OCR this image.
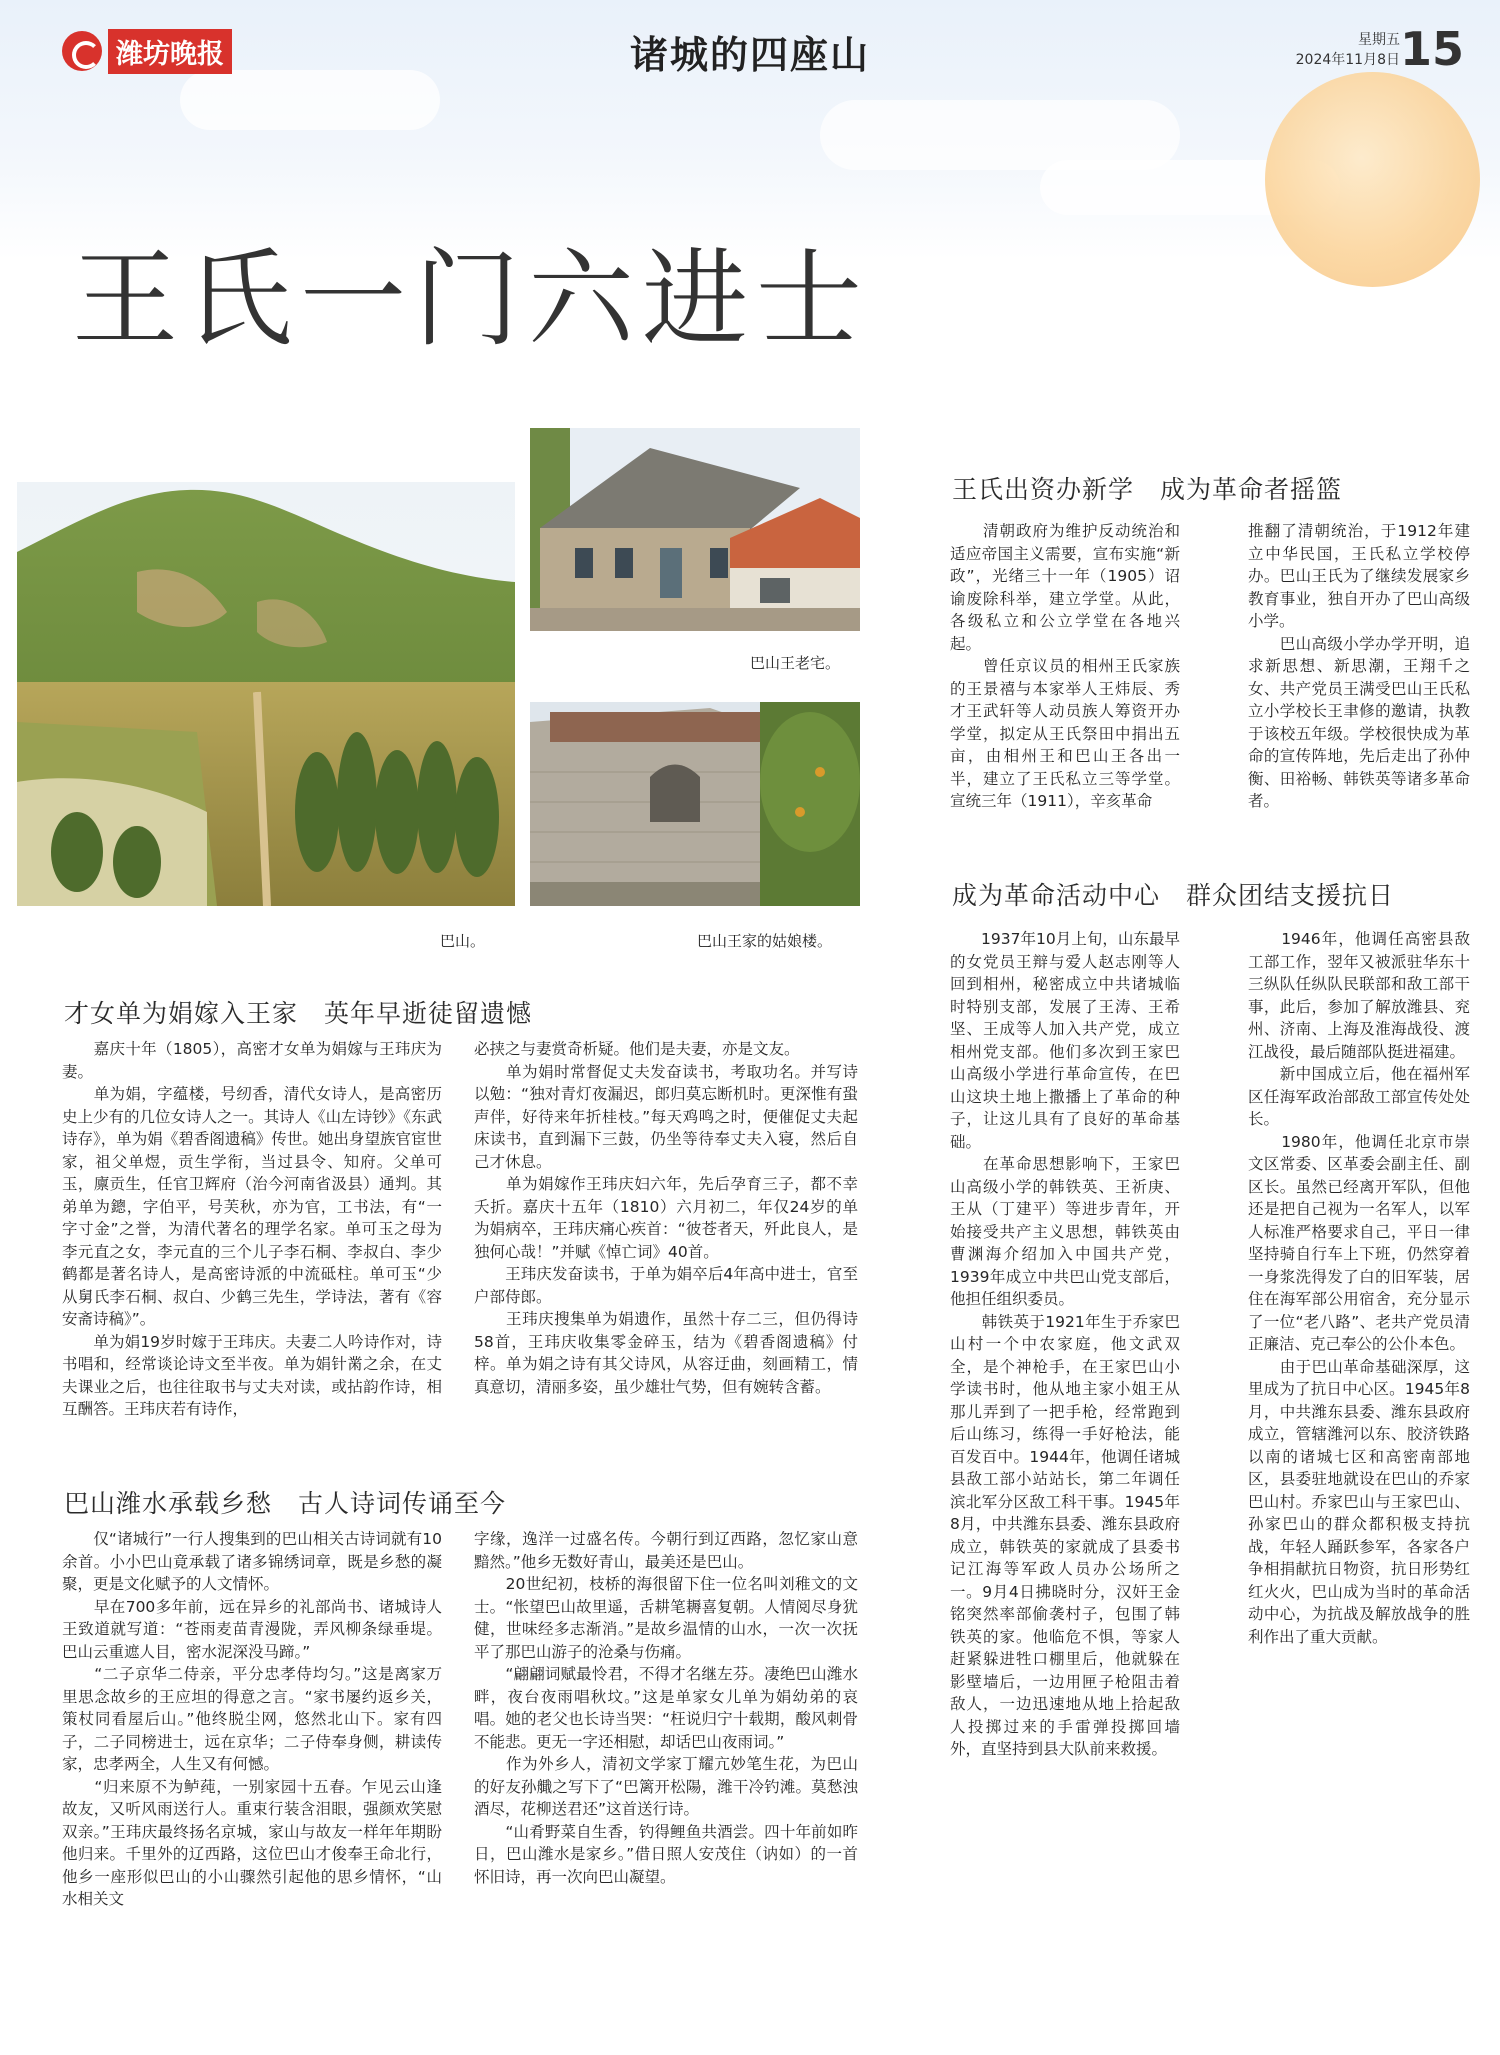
潍坊晚报	诸城的四座山	星期五
2024年11月8日 15
王氏一门六进士
巴山。
巴山王老宅。
巴山王家的姑娘楼。
王氏出资办新学　成为革命者摇篮

　　清朝政府为维护反动统治和适应帝国主义需要，宣布实施“新政”，光绪三十一年（1905）诏谕废除科举，建立学堂。从此，各级私立和公立学堂在各地兴起。

　　曾任京议员的相州王氏家族的王景禧与本家举人王炜辰、秀才王武轩等人动员族人筹资开办学堂，拟定从王氏祭田中捐出五亩，由相州王和巴山王各出一半，建立了王氏私立三等学堂。宣统三年（1911），辛亥革命

推翻了清朝统治，于1912年建立中华民国，王氏私立学校停办。巴山王氏为了继续发展家乡教育事业，独自开办了巴山高级小学。

　　巴山高级小学办学开明，追求新思想、新思潮，王翔千之女、共产党员王满受巴山王氏私立小学校长王聿修的邀请，执教于该校五年级。学校很快成为革命的宣传阵地，先后走出了孙仲衡、田裕畅、韩铁英等诸多革命者。

成为革命活动中心　群众团结支援抗日

　　1937年10月上旬，山东最早的女党员王辩与爱人赵志刚等人回到相州，秘密成立中共诸城临时特别支部，发展了王涛、王希坚、王成等人加入共产党，成立相州党支部。他们多次到王家巴山高级小学进行革命宣传，在巴山这块土地上撒播上了革命的种子，让这儿具有了良好的革命基础。

　　在革命思想影响下，王家巴山高级小学的韩铁英、王祈庚、王从（丁建平）等进步青年，开始接受共产主义思想，韩铁英由曹渊海介绍加入中国共产党，1939年成立中共巴山党支部后，他担任组织委员。

　　韩铁英于1921年生于乔家巴山村一个中农家庭，他文武双全，是个神枪手，在王家巴山小学读书时，他从地主家小姐王从那儿弄到了一把手枪，经常跑到后山练习，练得一手好枪法，能百发百中。1944年，他调任诸城县敌工部小站站长，第二年调任滨北军分区敌工科干事。1945年8月，中共潍东县委、潍东县政府成立，韩铁英的家就成了县委书记江海等军政人员办公场所之一。9月4日拂晓时分，汉奸王金铭突然率部偷袭村子，包围了韩铁英的家。他临危不惧，等家人赶紧躲进牲口棚里后，他就躲在影壁墙后，一边用匣子枪阻击着敌人，一边迅速地从地上拾起敌人投掷过来的手雷弹投掷回墙外，直坚持到县大队前来救援。

　　1946年，他调任高密县敌工部工作，翌年又被派驻华东十三纵队任纵队民联部和敌工部干事，此后，参加了解放潍县、兖州、济南、上海及淮海战役、渡江战役，最后随部队挺进福建。

　　新中国成立后，他在福州军区任海军政治部敌工部宣传处处长。

　　1980年，他调任北京市崇文区常委、区革委会副主任、副区长。虽然已经离开军队，但他还是把自己视为一名军人，以军人标准严格要求自己，平日一律坚持骑自行车上下班，仍然穿着一身浆洗得发了白的旧军装，居住在海军部公用宿舍，充分显示了一位“老八路”、老共产党员清正廉洁、克己奉公的公仆本色。

　　由于巴山革命基础深厚，这里成为了抗日中心区。1945年8月，中共潍东县委、潍东县政府成立，管辖潍河以东、胶济铁路以南的诸城七区和高密南部地区，县委驻地就设在巴山的乔家巴山村。乔家巴山与王家巴山、孙家巴山的群众都积极支持抗战，年轻人踊跃参军，各家各户争相捐献抗日物资，抗日形势红红火火，巴山成为当时的革命活动中心，为抗战及解放战争的胜利作出了重大贡献。

才女单为娟嫁入王家　英年早逝徒留遗憾

　　嘉庆十年（1805），高密才女单为娟嫁与王玮庆为妻。

　　单为娟，字蕴楼，号纫香，清代女诗人，是高密历史上少有的几位女诗人之一。其诗人《山左诗钞》《东武诗存》，单为娟《碧香阁遗稿》传世。她出身望族官宦世家，祖父单煜，贡生学衔，当过县令、知府。父单可玉，廪贡生，任官卫辉府（治今河南省汲县）通判。其弟单为鏓，字伯平，号芙秋，亦为官，工书法，有“一字寸金”之誉，为清代著名的理学名家。单可玉之母为李元直之女，李元直的三个儿子李石桐、李叔白、李少鹤都是著名诗人，是高密诗派的中流砥柱。单可玉“少从舅氏李石桐、叔白、少鹤三先生，学诗法，著有《容安斋诗稿》”。

　　单为娟19岁时嫁于王玮庆。夫妻二人吟诗作对，诗书唱和，经常谈论诗文至半夜。单为娟针黹之余，在丈夫课业之后，也往往取书与丈夫对读，或拈韵作诗，相互酬答。王玮庆若有诗作，

必挟之与妻赏奇析疑。他们是夫妻，亦是文友。

　　单为娟时常督促丈夫发奋读书，考取功名。并写诗以勉：“独对青灯夜漏迟，郎归莫忘断机时。更深惟有蛩声伴，好待来年折桂枝。”每天鸡鸣之时，便催促丈夫起床读书，直到漏下三鼓，仍坐等待奉丈夫入寝，然后自己才休息。

　　单为娟嫁作王玮庆妇六年，先后孕育三子，都不幸夭折。嘉庆十五年（1810）六月初二，年仅24岁的单为娟病卒，王玮庆痛心疾首：“彼苍者天，歼此良人，是独何心哉！”并赋《悼亡词》40首。

　　王玮庆发奋读书，于单为娟卒后4年高中进士，官至户部侍郎。

　　王玮庆搜集单为娟遗作，虽然十存二三，但仍得诗58首，王玮庆收集零金碎玉，结为《碧香阁遗稿》付梓。单为娟之诗有其父诗风，从容迂曲，刻画精工，情真意切，清丽多姿，虽少雄壮气势，但有婉转含蓄。

巴山潍水承载乡愁　古人诗词传诵至今

　　仅“诸城行”一行人搜集到的巴山相关古诗词就有10余首。小小巴山竟承载了诸多锦绣词章，既是乡愁的凝聚，更是文化赋予的人文情怀。

　　早在700多年前，远在异乡的礼部尚书、诸城诗人王致道就写道：“苍雨麦苗青漫陇，弄风柳条绿垂堤。巴山云重遮人目，密水泥深没马蹄。”

　　“二子京华二侍亲，平分忠孝侍均匀。”这是离家万里思念故乡的王应坦的得意之言。“家书屡约返乡关，策杖同看屋后山。”他终脱尘网，悠然北山下。家有四子，二子同榜进士，远在京华；二子侍奉身侧，耕读传家，忠孝两全，人生又有何憾。

　　“归来原不为鲈莼，一别家园十五春。乍见云山逢故友，又听风雨送行人。重束行装含泪眼，强颜欢笑慰双亲。”王玮庆最终扬名京城，家山与故友一样年年期盼他归来。千里外的辽西路，这位巴山才俊奉王命北行，他乡一座形似巴山的小山骤然引起他的思乡情怀，“山水相关文

字缘，逸洋一过盛名传。今朝行到辽西路，忽忆家山意黯然。”他乡无数好青山，最美还是巴山。

　　20世纪初，枝桥的海很留下住一位名叫刘稚文的文士。“怅望巴山故里遥，舌耕笔耨喜复朝。人情阅尽身犹健，世味经多志渐消。”是故乡温情的山水，一次一次抚平了那巴山游子的沧桑与伤痛。

　　“翩翩词赋最怜君，不得才名继左芬。凄绝巴山潍水畔，夜台夜雨唱秋坟。”这是单家女儿单为娟幼弟的哀唱。她的老父也长诗当哭：“枉说归宁十载期，酸风刺骨不能悲。更无一字还相慰，却话巴山夜雨词。”

　　作为外乡人，清初文学家丁耀亢妙笔生花，为巴山的好友孙艥之写下了“巴篱开松陽，潍干冷钓滩。莫愁浊酒尽，花柳送君还”这首送行诗。

　　“山肴野菜自生香，钓得鲤鱼共酒尝。四十年前如昨日，巴山潍水是家乡。”借日照人安茂住（讷如）的一首怀旧诗，再一次向巴山凝望。
